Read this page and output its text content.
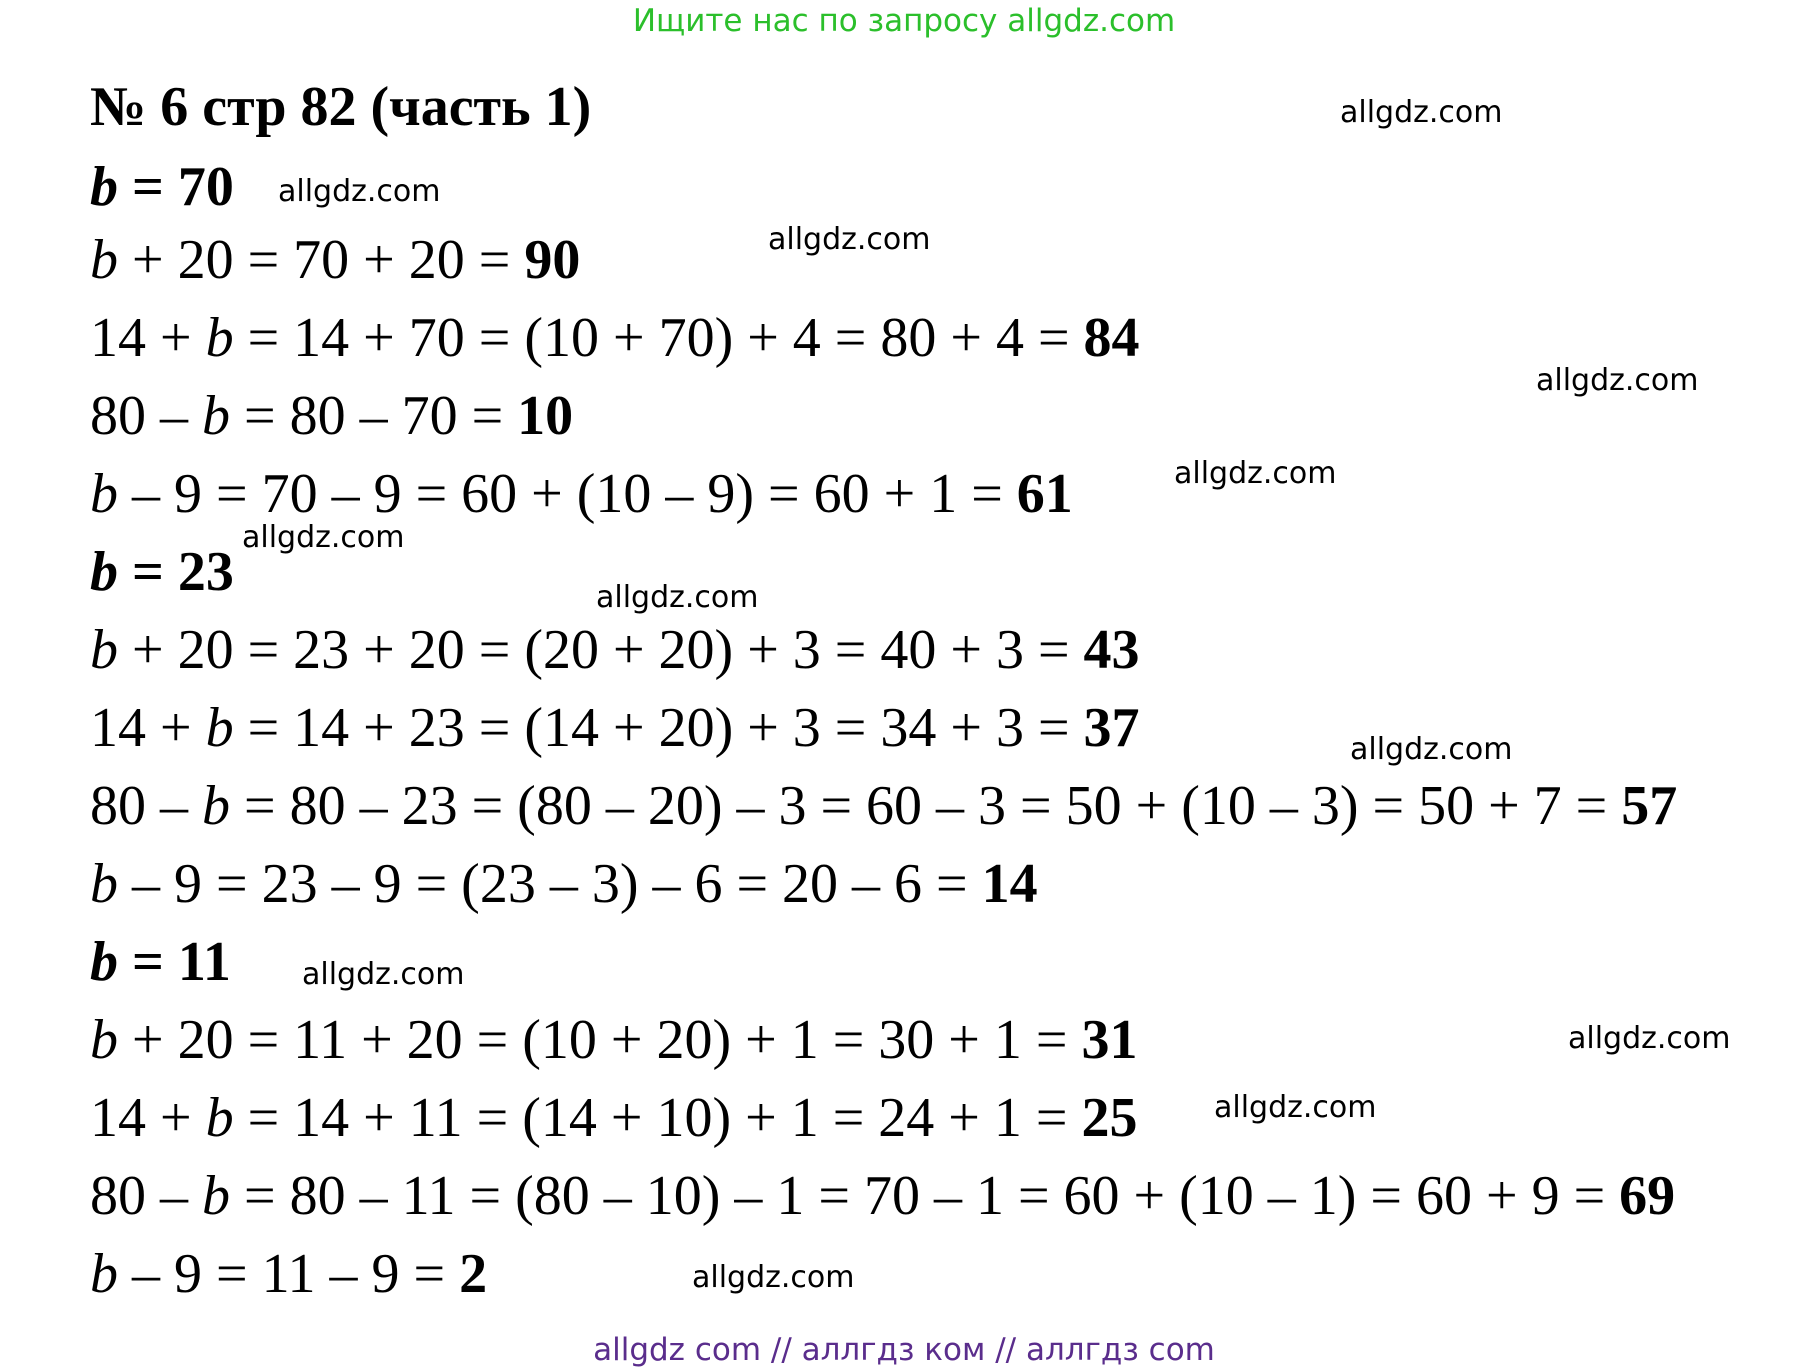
Ищите нас по запросу allgdz.com
№ 6 стр 82 (часть 1)
b = 70
b + 20 = 70 + 20 = 90
14 + b = 14 + 70 = (10 + 70) + 4 = 80 + 4 = 84
80 – b = 80 – 70 = 10
b – 9 = 70 – 9 = 60 + (10 – 9) = 60 + 1 = 61
b = 23
b + 20 = 23 + 20 = (20 + 20) + 3 = 40 + 3 = 43
14 + b = 14 + 23 = (14 + 20) + 3 = 34 + 3 = 37
80 – b = 80 – 23 = (80 – 20) – 3 = 60 – 3 = 50 + (10 – 3) = 50 + 7 = 57
b – 9 = 23 – 9 = (23 – 3) – 6 = 20 – 6 = 14
b = 11
b + 20 = 11 + 20 = (10 + 20) + 1 = 30 + 1 = 31
14 + b = 14 + 11 = (14 + 10) + 1 = 24 + 1 = 25
80 – b = 80 – 11 = (80 – 10) – 1 = 70 – 1 = 60 + (10 – 1) = 60 + 9 = 69
b – 9 = 11 – 9 = 2
allgdz.com
allgdz.com
allgdz.com
allgdz.com
allgdz.com
allgdz.com
allgdz.com
allgdz.com
allgdz.com
allgdz.com
allgdz.com
allgdz.com
allgdz com // аллгдз ком // аллгдз com
